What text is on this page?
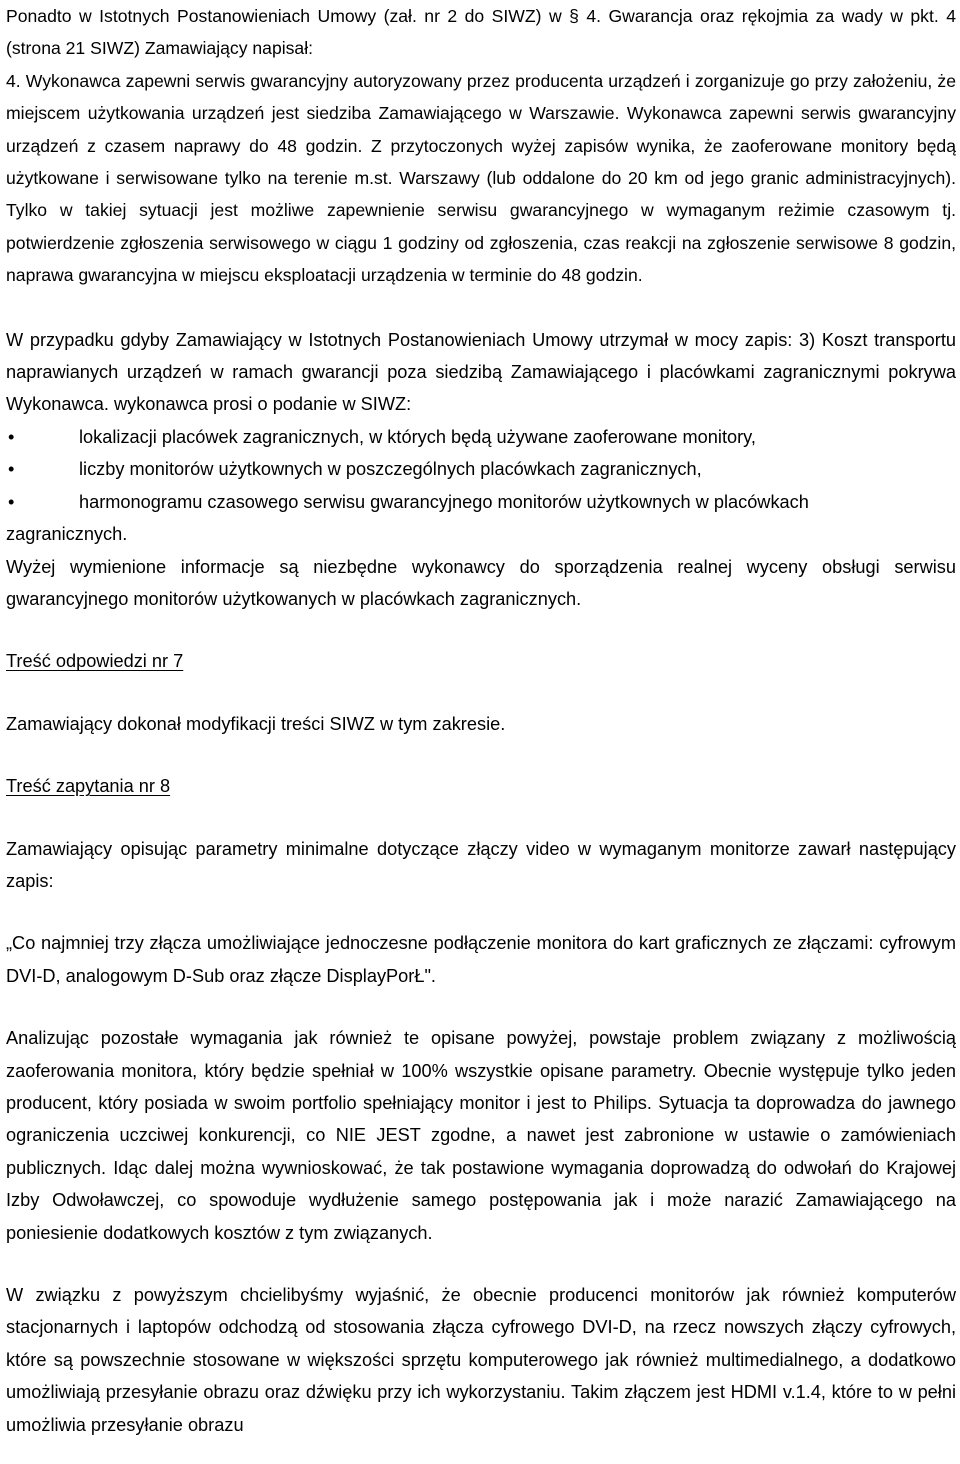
Ponadto w Istotnych Postanowieniach Umowy (zał. nr 2 do SIWZ) w § 4. Gwarancja oraz rękojmia za wady w pkt. 4 (strona 21 SIWZ) Zamawiający napisał:
4. Wykonawca zapewni serwis gwarancyjny autoryzowany przez producenta urządzeń i zorganizuje go przy założeniu, że miejscem użytkowania urządzeń jest siedziba Zamawiającego w Warszawie. Wykonawca zapewni serwis gwarancyjny urządzeń z czasem naprawy do 48 godzin. Z przytoczonych wyżej zapisów wynika, że zaoferowane monitory będą użytkowane i serwisowane tylko na terenie m.st. Warszawy (lub oddalone do 20 km od jego granic administracyjnych). Tylko w takiej sytuacji jest możliwe zapewnienie serwisu gwarancyjnego w wymaganym reżimie czasowym tj. potwierdzenie zgłoszenia serwisowego w ciągu 1 godziny od zgłoszenia, czas reakcji na zgłoszenie serwisowe 8 godzin, naprawa gwarancyjna w miejscu eksploatacji urządzenia w terminie do 48 godzin.

W przypadku gdyby Zamawiający w Istotnych Postanowieniach Umowy utrzymał w mocy zapis: 3) Koszt transportu naprawianych urządzeń w ramach gwarancji poza siedzibą Zamawiającego i placówkami zagranicznymi pokrywa Wykonawca. wykonawca prosi o podanie w SIWZ:

•	lokalizacji placówek zagranicznych, w których będą używane zaoferowane monitory,
•	liczby monitorów użytkownych w poszczególnych placówkach zagranicznych,
•	harmonogramu czasowego serwisu gwarancyjnego monitorów użytkownych w placówkach

zagranicznych.

Wyżej wymienione informacje są niezbędne wykonawcy do sporządzenia realnej wyceny obsługi serwisu gwarancyjnego monitorów użytkowanych w placówkach zagranicznych.

Treść odpowiedzi nr 7

Zamawiający dokonał modyfikacji treści SIWZ w tym zakresie.

Treść zapytania nr 8

Zamawiający opisując parametry minimalne dotyczące złączy video w wymaganym monitorze zawarł następujący zapis:

„Co najmniej trzy złącza umożliwiające jednoczesne podłączenie monitora do kart graficznych ze złączami: cyfrowym DVI-D, analogowym D-Sub oraz złącze DisplayPorŁ".

Analizując pozostałe wymagania jak również te opisane powyżej, powstaje problem związany z możliwością zaoferowania monitora, który będzie spełniał w 100% wszystkie opisane parametry. Obecnie występuje tylko jeden producent, który posiada w swoim portfolio spełniający monitor i jest to Philips. Sytuacja ta doprowadza do jawnego ograniczenia uczciwej konkurencji, co NIE JEST zgodne, a nawet jest zabronione w ustawie o zamówieniach publicznych. Idąc dalej można wywnioskować, że tak postawione wymagania doprowadzą do odwołań do Krajowej Izby Odwoławczej, co spowoduje wydłużenie samego postępowania jak i może narazić Zamawiającego na poniesienie dodatkowych kosztów z tym związanych.

W związku z powyższym chcielibyśmy wyjaśnić, że obecnie producenci monitorów jak również komputerów stacjonarnych i laptopów odchodzą od stosowania złącza cyfrowego DVI-D, na rzecz nowszych złączy cyfrowych, które są powszechnie stosowane w większości sprzętu komputerowego jak również multimedialnego, a dodatkowo umożliwiają przesyłanie obrazu oraz dźwięku przy ich wykorzystaniu. Takim złączem jest HDMI v.1.4, które to w pełni umożliwia przesyłanie obrazu
